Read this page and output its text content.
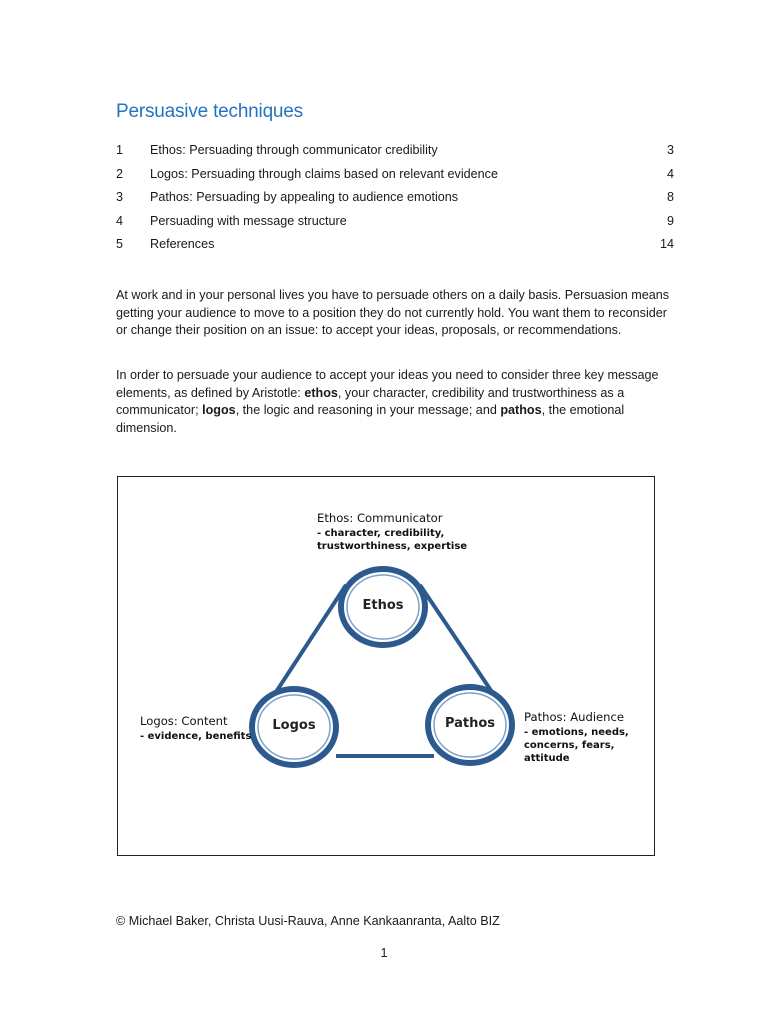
Persuasive techniques
1 Ethos: Persuading through communicator credibility	3
2 Logos: Persuading through claims based on relevant evidence	4
3 Pathos: Persuading by appealing to audience emotions	8
4 Persuading with message structure	9
5 References	14

At work and in your personal lives you have to persuade others on a daily basis. Persuasion means getting your audience to move to a position they do not currently hold. You want them to reconsider or change their position on an issue: to accept your ideas, proposals, or recommendations.

In order to persuade your audience to accept your ideas you need to consider three key message elements, as defined by Aristotle: ethos, your character, credibility and trustworthiness as a communicator; logos, the logic and reasoning in your message; and pathos, the emotional dimension.

Ethos
Logos	Pathos
Ethos: Communicator
- character, credibility,
trustworthiness, expertise
Logos: Content
- evidence, benefits
Pathos: Audience
- emotions, needs,
concerns, fears,
attitude
© Michael Baker, Christa Uusi-Rauva, Anne Kankaanranta, Aalto BIZ
1
